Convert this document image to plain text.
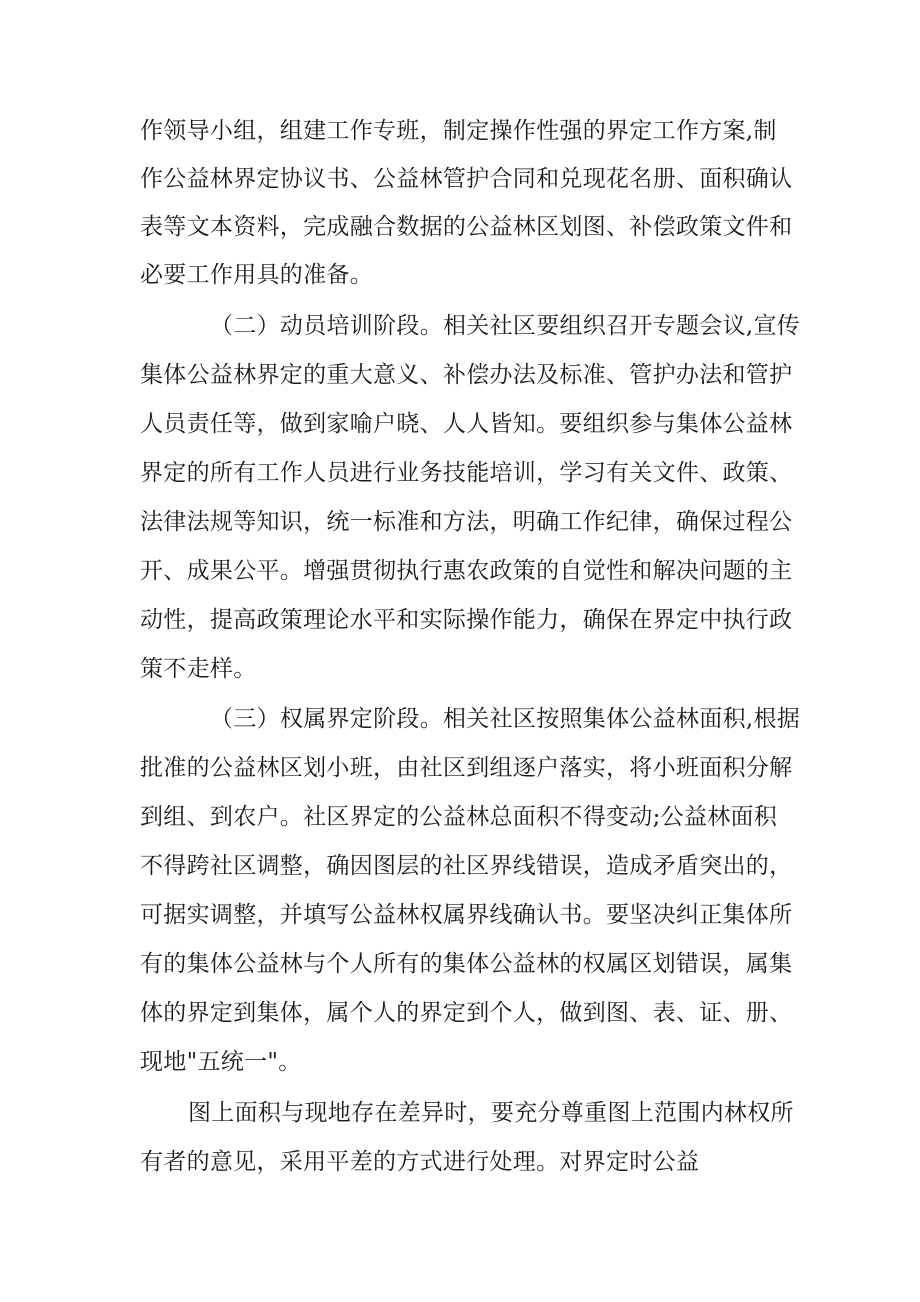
作领导小组，组建工作专班，制定操作性强的界定工作方案,制
作公益林界定协议书、公益林管护合同和兑现花名册、面积确认
表等文本资料，完成融合数据的公益林区划图、补偿政策文件和
必要工作用具的准备。
（二）动员培训阶段。相关社区要组织召开专题会议,宣传
集体公益林界定的重大意义、补偿办法及标准、管护办法和管护
人员责任等，做到家喻户晓、人人皆知。要组织参与集体公益林
界定的所有工作人员进行业务技能培训，学习有关文件、政策、
法律法规等知识，统一标准和方法，明确工作纪律，确保过程公
开、成果公平。增强贯彻执行惠农政策的自觉性和解决问题的主
动性，提高政策理论水平和实际操作能力，确保在界定中执行政
策不走样。
（三）权属界定阶段。相关社区按照集体公益林面积,根据
批准的公益林区划小班，由社区到组逐户落实，将小班面积分解
到组、到农户。社区界定的公益林总面积不得变动;公益林面积
不得跨社区调整，确因图层的社区界线错误，造成矛盾突出的，
可据实调整，并填写公益林权属界线确认书。要坚决纠正集体所
有的集体公益林与个人所有的集体公益林的权属区划错误，属集
体的界定到集体，属个人的界定到个人，做到图、表、证、册、
现地"五统一"。
图上面积与现地存在差异时，要充分尊重图上范围内林权所
有者的意见，采用平差的方式进行处理。对界定时公益
